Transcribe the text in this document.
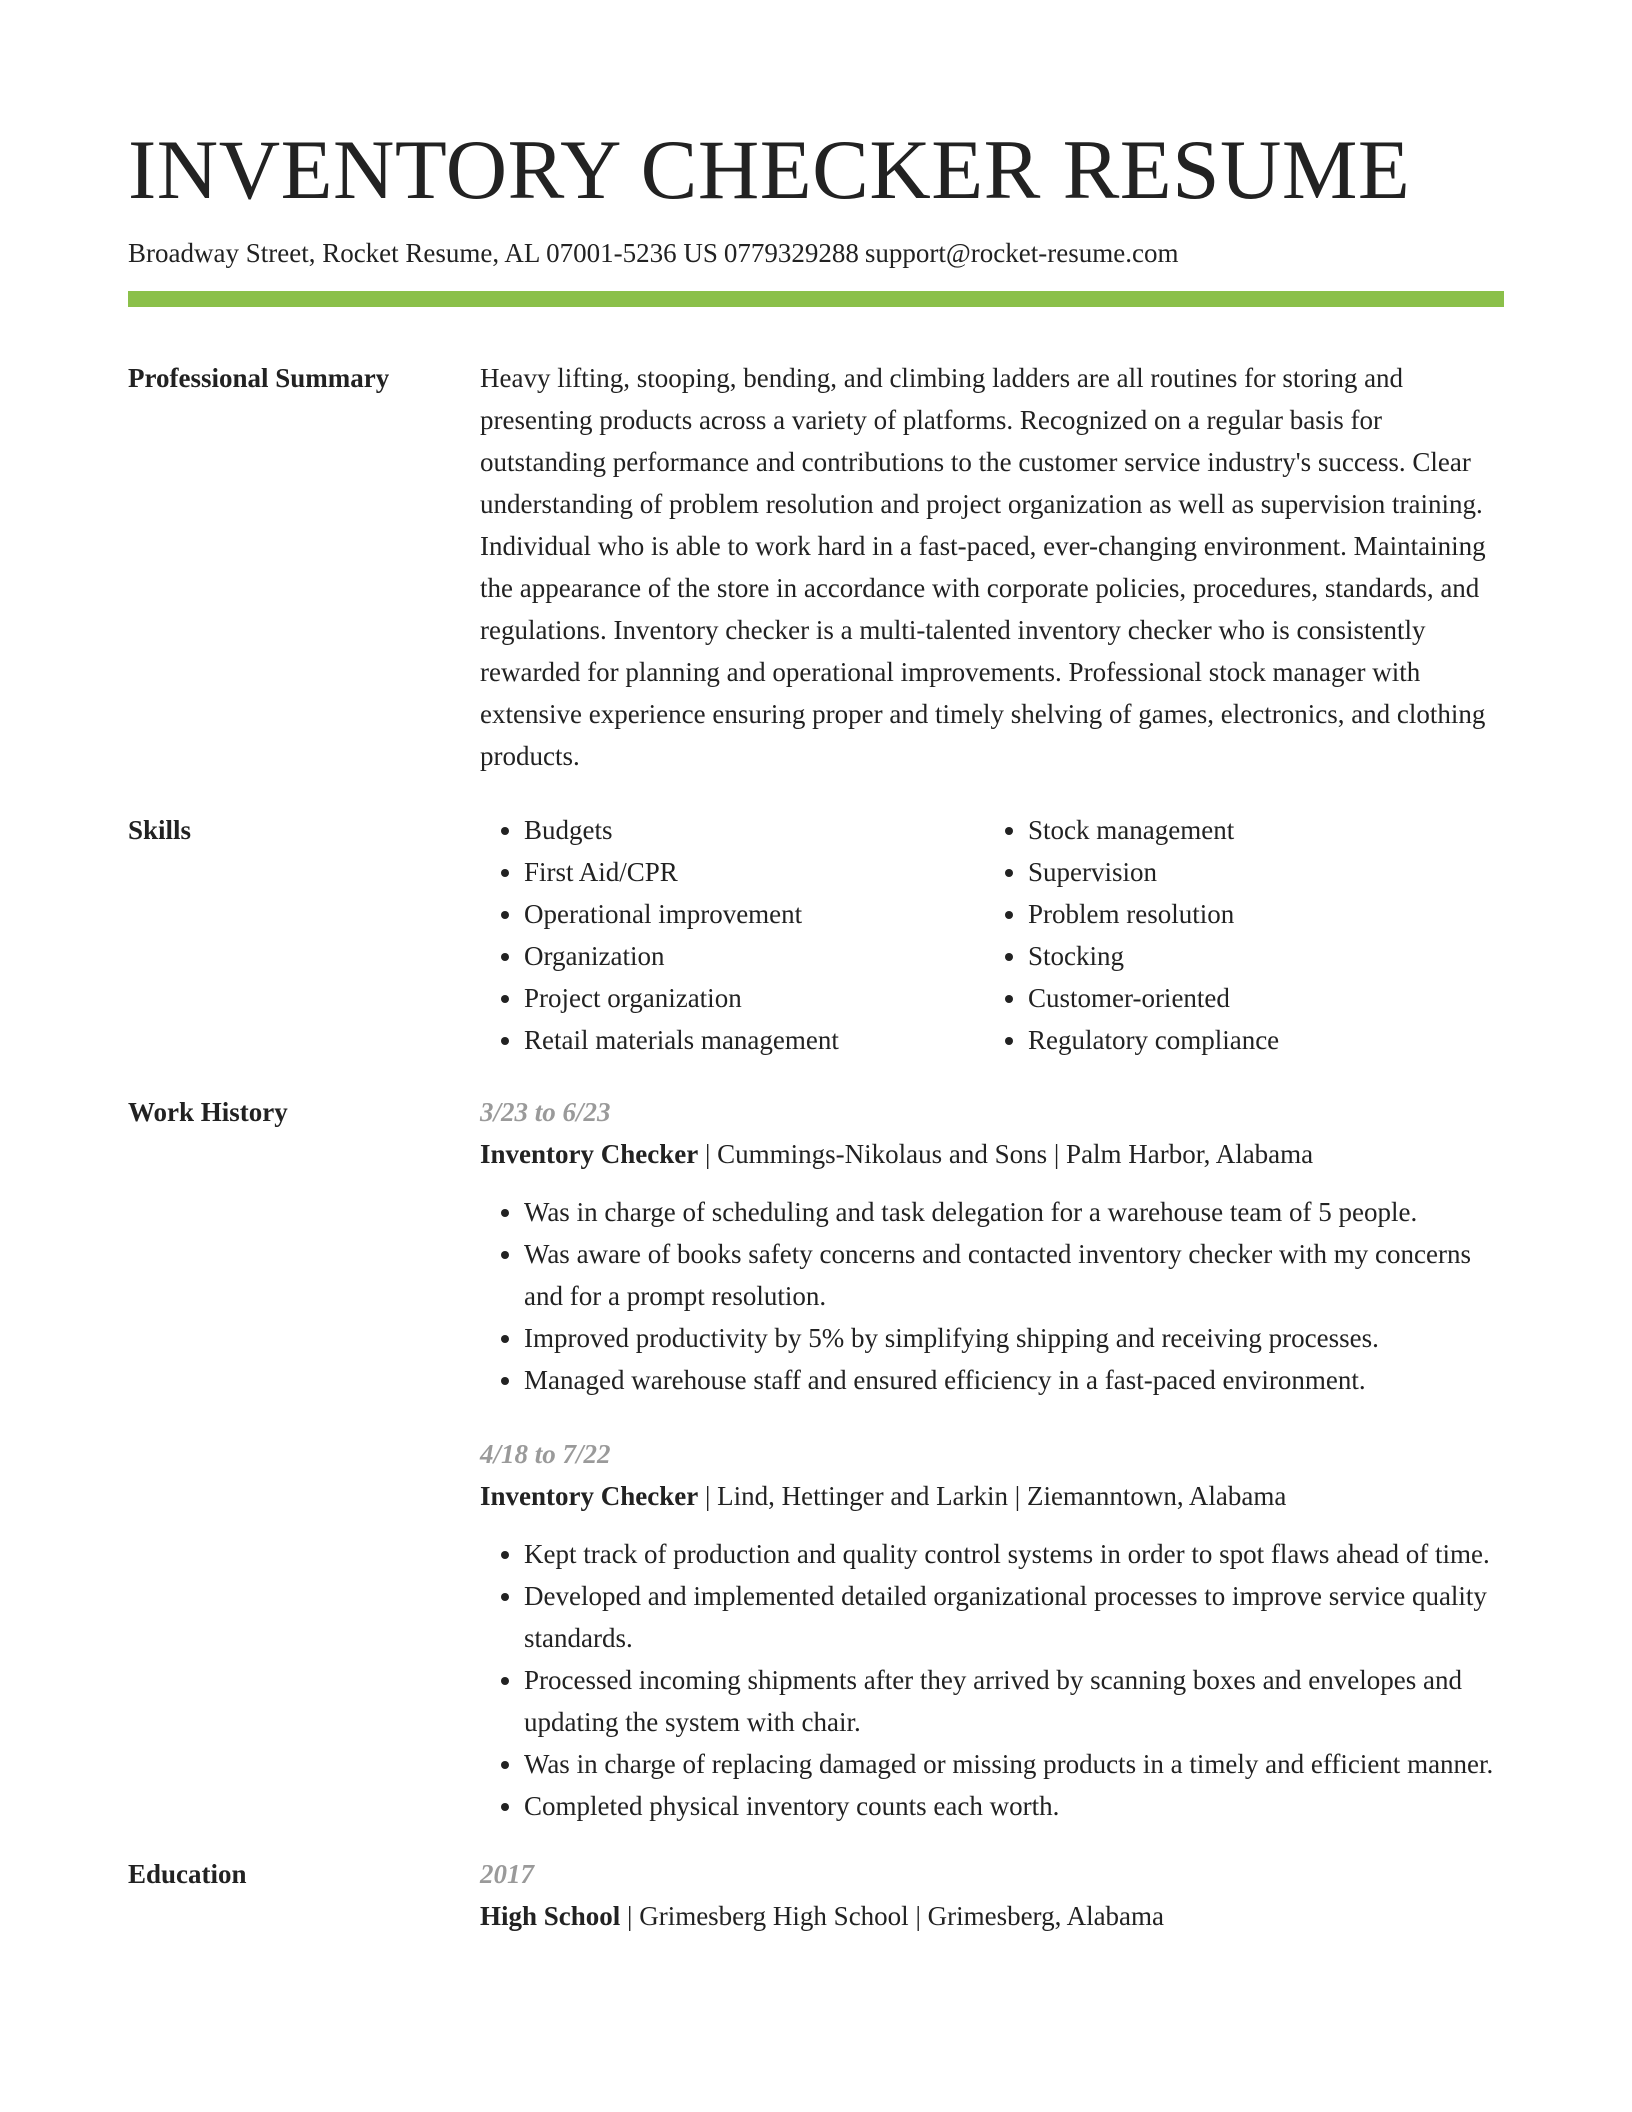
INVENTORY CHECKER RESUME
Broadway Street, Rocket Resume, AL 07001-5236 US 0779329288 support@rocket-resume.com
Professional Summary	Heavy lifting, stooping, bending, and climbing ladders are all routines for storing and presenting products across a variety of platforms. Recognized on a regular basis for outstanding performance and contributions to the customer service industry's success. Clear understanding of problem resolution and project organization as well as supervision training. Individual who is able to work hard in a fast-paced, ever-changing environment. Maintaining the appearance of the store in accordance with corporate policies, procedures, standards, and regulations. Inventory checker is a multi-talented inventory checker who is consistently rewarded for planning and operational improvements. Professional stock manager with extensive experience ensuring proper and timely shelving of games, electronics, and clothing products.
Skills
•	Budgets
• First Aid/CPR
• Operational improvement
• Organization
• Project organization
• Retail materials management
• Stock management
• Supervision
• Problem resolution
• Stocking
• Customer-oriented
• Regulatory compliance
Work History	3/23 to 6/23
Inventory Checker | Cummings-Nikolaus and Sons | Palm Harbor, Alabama
• Was in charge of scheduling and task delegation for a warehouse team of 5 people.
• Was aware of books safety concerns and contacted inventory checker with my concerns and for a prompt resolution.
• Improved productivity by 5% by simplifying shipping and receiving processes.
• Managed warehouse staff and ensured efficiency in a fast-paced environment.
4/18 to 7/22
Inventory Checker | Lind, Hettinger and Larkin | Ziemanntown, Alabama
• Kept track of production and quality control systems in order to spot flaws ahead of time.
• Developed and implemented detailed organizational processes to improve service quality standards.
• Processed incoming shipments after they arrived by scanning boxes and envelopes and updating the system with chair.
• Was in charge of replacing damaged or missing products in a timely and efficient manner.
• Completed physical inventory counts each worth.
Education	2017
High School | Grimesberg High School | Grimesberg, Alabama
